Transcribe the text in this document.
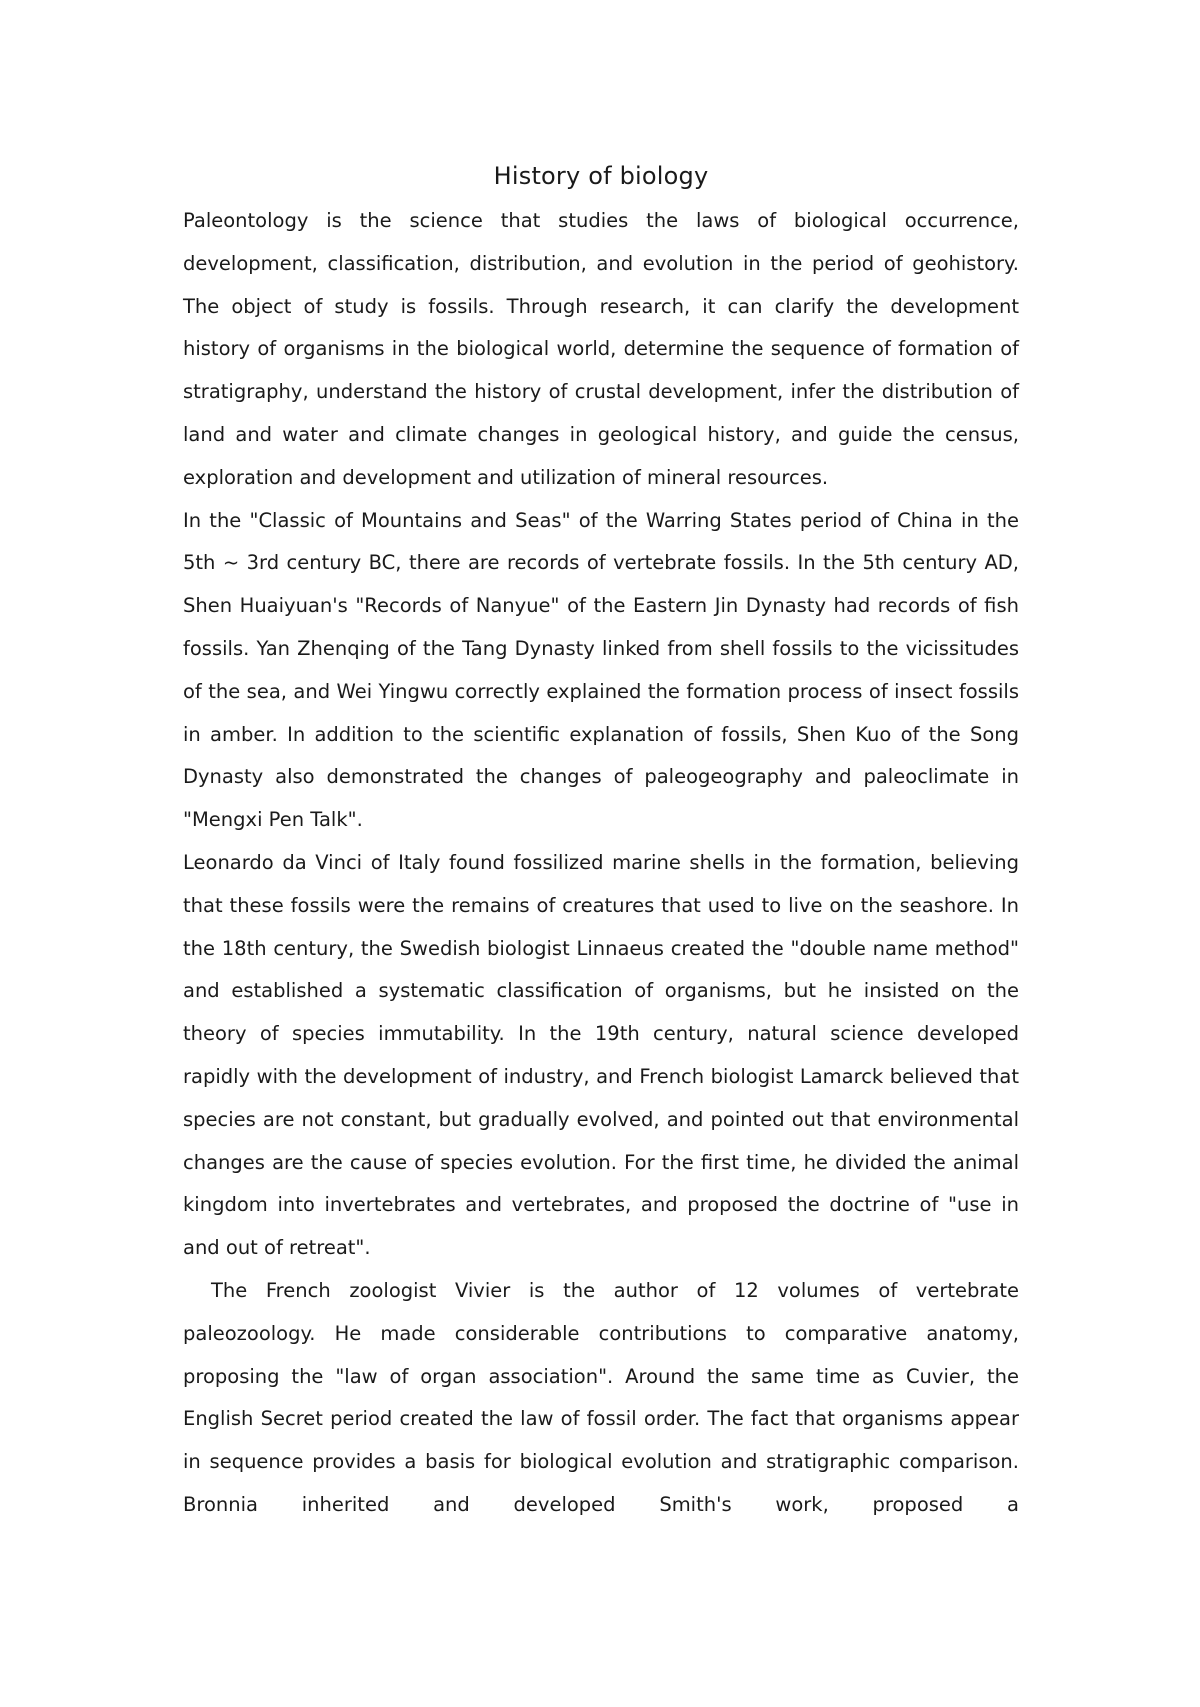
History of biology

Paleontology is the science that studies the laws of biological occurrence, development, classification, distribution, and evolution in the period of geohistory. The object of study is fossils. Through research, it can clarify the development history of organisms in the biological world, determine the sequence of formation of stratigraphy, understand the history of crustal development, infer the distribution of land and water and climate changes in geological history, and guide the census, exploration and development and utilization of mineral resources.

In the "Classic of Mountains and Seas" of the Warring States period of China in the 5th ~ 3rd century BC, there are records of vertebrate fossils. In the 5th century AD, Shen Huaiyuan's "Records of Nanyue" of the Eastern Jin Dynasty had records of fish fossils. Yan Zhenqing of the Tang Dynasty linked from shell fossils to the vicissitudes of the sea, and Wei Yingwu correctly explained the formation process of insect fossils in amber. In addition to the scientific explanation of fossils, Shen Kuo of the Song Dynasty also demonstrated the changes of paleogeography and paleoclimate in "Mengxi Pen Talk".

Leonardo da Vinci of Italy found fossilized marine shells in the formation, believing that these fossils were the remains of creatures that used to live on the seashore. In the 18th century, the Swedish biologist Linnaeus created the "double name method" and established a systematic classification of organisms, but he insisted on the theory of species immutability. In the 19th century, natural science developed rapidly with the development of industry, and French biologist Lamarck believed that species are not constant, but gradually evolved, and pointed out that environmental changes are the cause of species evolution. For the first time, he divided the animal kingdom into invertebrates and vertebrates, and proposed the doctrine of "use in and out of retreat".

The French zoologist Vivier is the author of 12 volumes of vertebrate paleozoology. He made considerable contributions to comparative anatomy, proposing the "law of organ association". Around the same time as Cuvier, the English Secret period created the law of fossil order. The fact that organisms appear in sequence provides a basis for biological evolution and stratigraphic comparison. Bronnia inherited and developed Smith's work, proposed a
